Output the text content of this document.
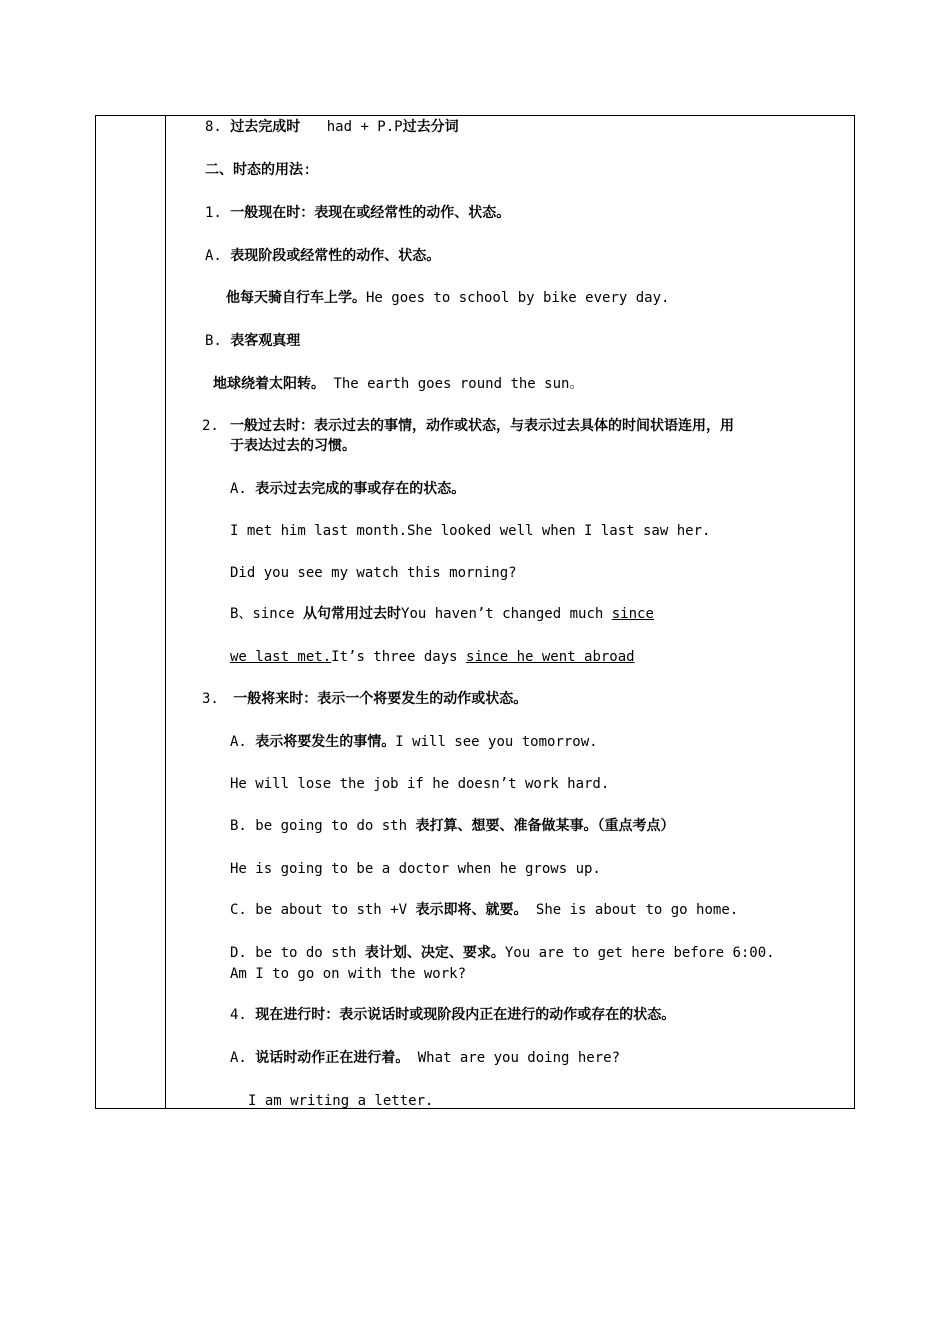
8. 过去完成时 had + P.P过去分词
二、时态的用法:
1. 一般现在时：表现在或经常性的动作、状态。
A. 表现阶段或经常性的动作、状态。
他每天骑自行车上学。He goes to school by bike every day.
B. 表客观真理
地球绕着太阳转。 The earth goes round the sun。
2. 一般过去时：表示过去的事情，动作或状态，与表示过去具体的时间状语连用，用
于表达过去的习惯。
A. 表示过去完成的事或存在的状态。
I met him last month.She looked well when I last saw her.
Did you see my watch this morning?
B、since 从句常用过去时You haven’t changed much since
we last met.It’s three days since he went abroad
3. 一般将来时：表示一个将要发生的动作或状态。
A. 表示将要发生的事情。I will see you tomorrow.
He will lose the job if he doesn’t work hard.
B. be going to do sth 表打算、想要、准备做某事。（重点考点）
He is going to be a doctor when he grows up.
C. be about to sth +V 表示即将、就要。 She is about to go home.
D. be to do sth 表计划、决定、要求。You are to get here before 6:00.
Am I to go on with the work?
4. 现在进行时：表示说话时或现阶段内正在进行的动作或存在的状态。
A. 说话时动作正在进行着。 What are you doing here?
I am writing a letter.
